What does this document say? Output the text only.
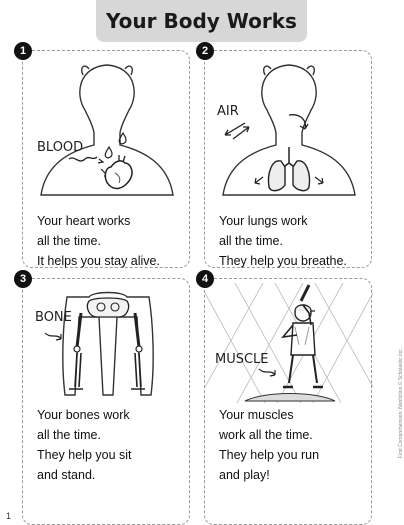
Your Body Works
1
BLOOD
Your heart works
all the time.
It helps you stay alive.
2
AIR
Your lungs work
all the time.
They help you breathe.
3
BONE
Your bones work
all the time.
They help you sit
and stand.
4
MUSCLE
Your muscles
work all the time.
They help you run
and play!
1
First Comprehension: Nonfiction © Scholastic Inc.
